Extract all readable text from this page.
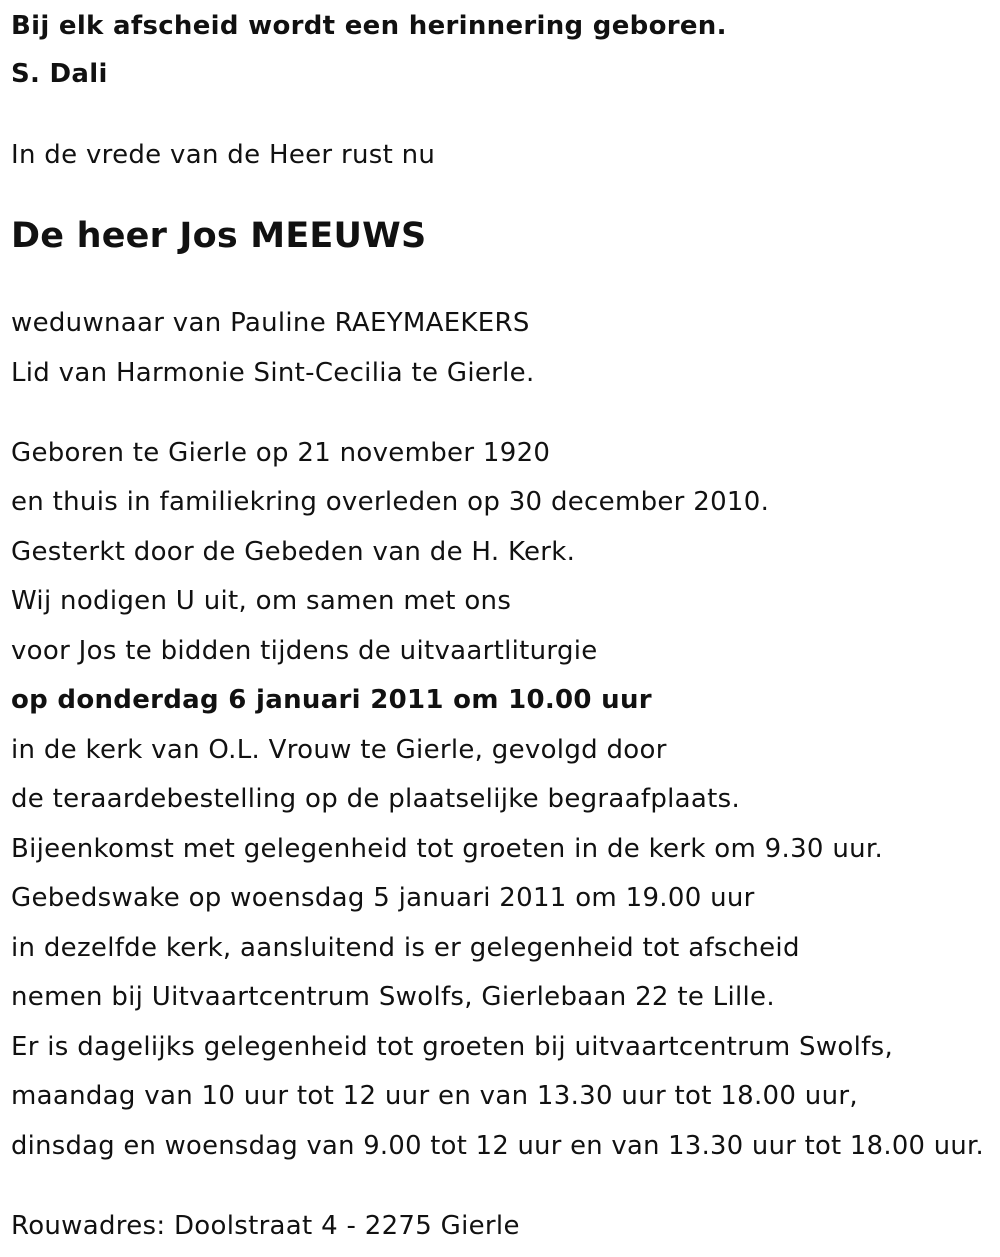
Bij elk afscheid wordt een herinnering geboren.
S. Dali
In de vrede van de Heer rust nu
De heer Jos MEEUWS
weduwnaar van Pauline RAEYMAEKERS
Lid van Harmonie Sint-Cecilia te Gierle.
Geboren te Gierle op 21 november 1920
en thuis in familiekring overleden op 30 december 2010.
Gesterkt door de Gebeden van de H. Kerk.
Wij nodigen U uit, om samen met ons
voor Jos te bidden tijdens de uitvaartliturgie
op donderdag 6 januari 2011 om 10.00 uur
in de kerk van O.L. Vrouw te Gierle, gevolgd door
de teraardebestelling op de plaatselijke begraafplaats.
Bijeenkomst met gelegenheid tot groeten in de kerk om 9.30 uur.
Gebedswake op woensdag 5 januari 2011 om 19.00 uur
in dezelfde kerk, aansluitend is er gelegenheid tot afscheid
nemen bij Uitvaartcentrum Swolfs, Gierlebaan 22 te Lille.
Er is dagelijks gelegenheid tot groeten bij uitvaartcentrum Swolfs,
maandag van 10 uur tot 12 uur en van 13.30 uur tot 18.00 uur,
dinsdag en woensdag van 9.00 tot 12 uur en van 13.30 uur tot 18.00 uur.
Rouwadres: Doolstraat 4 - 2275 Gierle
